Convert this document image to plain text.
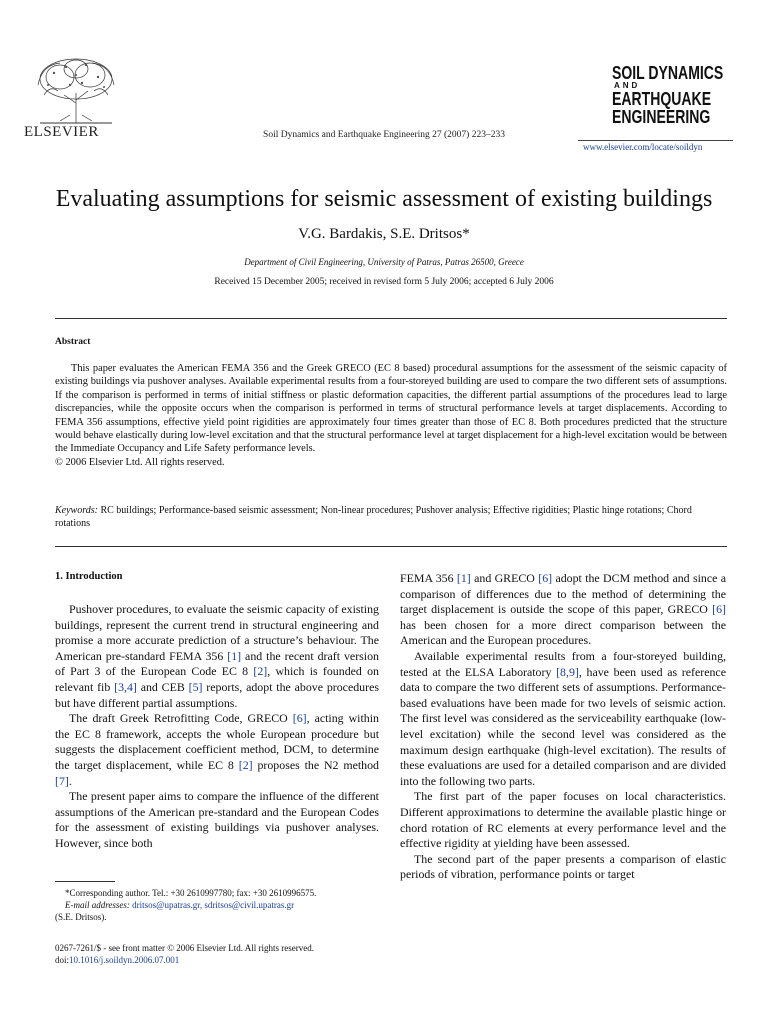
ELSEVIER	Soil Dynamics and Earthquake Engineering 27 (2007) 223–233
SOIL DYNAMICS
AND
EARTHQUAKE
ENGINEERING
www.elsevier.com/locate/soildyn
Evaluating assumptions for seismic assessment of existing buildings
V.G. Bardakis, S.E. Dritsos*
Department of Civil Engineering, University of Patras, Patras 26500, Greece
Received 15 December 2005; received in revised form 5 July 2006; accepted 6 July 2006
Abstract

This paper evaluates the American FEMA 356 and the Greek GRECO (EC 8 based) procedural assumptions for the assessment of the seismic capacity of existing buildings via pushover analyses. Available experimental results from a four-storeyed building are used to compare the two different sets of assumptions. If the comparison is performed in terms of initial stiffness or plastic deformation capacities, the different partial assumptions of the procedures lead to large discrepancies, while the opposite occurs when the comparison is performed in terms of structural performance levels at target displacements. According to FEMA 356 assumptions, effective yield point rigidities are approximately four times greater than those of EC 8. Both procedures predicted that the structure would behave elastically during low-level excitation and that the structural performance level at target displacement for a high-level excitation would be between the Immediate Occupancy and Life Safety performance levels.

© 2006 Elsevier Ltd. All rights reserved.

Keywords: RC buildings; Performance-based seismic assessment; Non-linear procedures; Pushover analysis; Effective rigidities; Plastic hinge rotations; Chord rotations
1. Introduction

Pushover procedures, to evaluate the seismic capacity of existing buildings, represent the current trend in structural engineering and promise a more accurate prediction of a structure’s behaviour. The American pre-standard FEMA 356 [1] and the recent draft version of Part 3 of the European Code EC 8 [2], which is founded on relevant fib [3,4] and CEB [5] reports, adopt the above procedures but have different partial assumptions.

The draft Greek Retrofitting Code, GRECO [6], acting within the EC 8 framework, accepts the whole European procedure but suggests the displacement coefficient method, DCM, to determine the target displacement, while EC 8 [2] proposes the N2 method [7].

The present paper aims to compare the influence of the different assumptions of the American pre-standard and the European Codes for the assessment of existing buildings via pushover analyses. However, since both

FEMA 356 [1] and GRECO [6] adopt the DCM method and since a comparison of differences due to the method of determining the target displacement is outside the scope of this paper, GRECO [6] has been chosen for a more direct comparison between the American and the European procedures.

Available experimental results from a four-storeyed building, tested at the ELSA Laboratory [8,9], have been used as reference data to compare the two different sets of assumptions. Performance-based evaluations have been made for two levels of seismic action. The first level was considered as the serviceability earthquake (low-level excitation) while the second level was considered as the maximum design earthquake (high-level excitation). The results of these evaluations are used for a detailed comparison and are divided into the following two parts.

The first part of the paper focuses on local characteristics. Different approximations to determine the available plastic hinge or chord rotation of RC elements at every performance level and the effective rigidity at yielding have been assessed.

The second part of the paper presents a comparison of elastic periods of vibration, performance points or target

*Corresponding author. Tel.: +30 2610997780; fax: +30 2610996575.
E-mail addresses: dritsos@upatras.gr, sdritsos@civil.upatras.gr
(S.E. Dritsos).
0267-7261/$ - see front matter © 2006 Elsevier Ltd. All rights reserved.
doi:10.1016/j.soildyn.2006.07.001
